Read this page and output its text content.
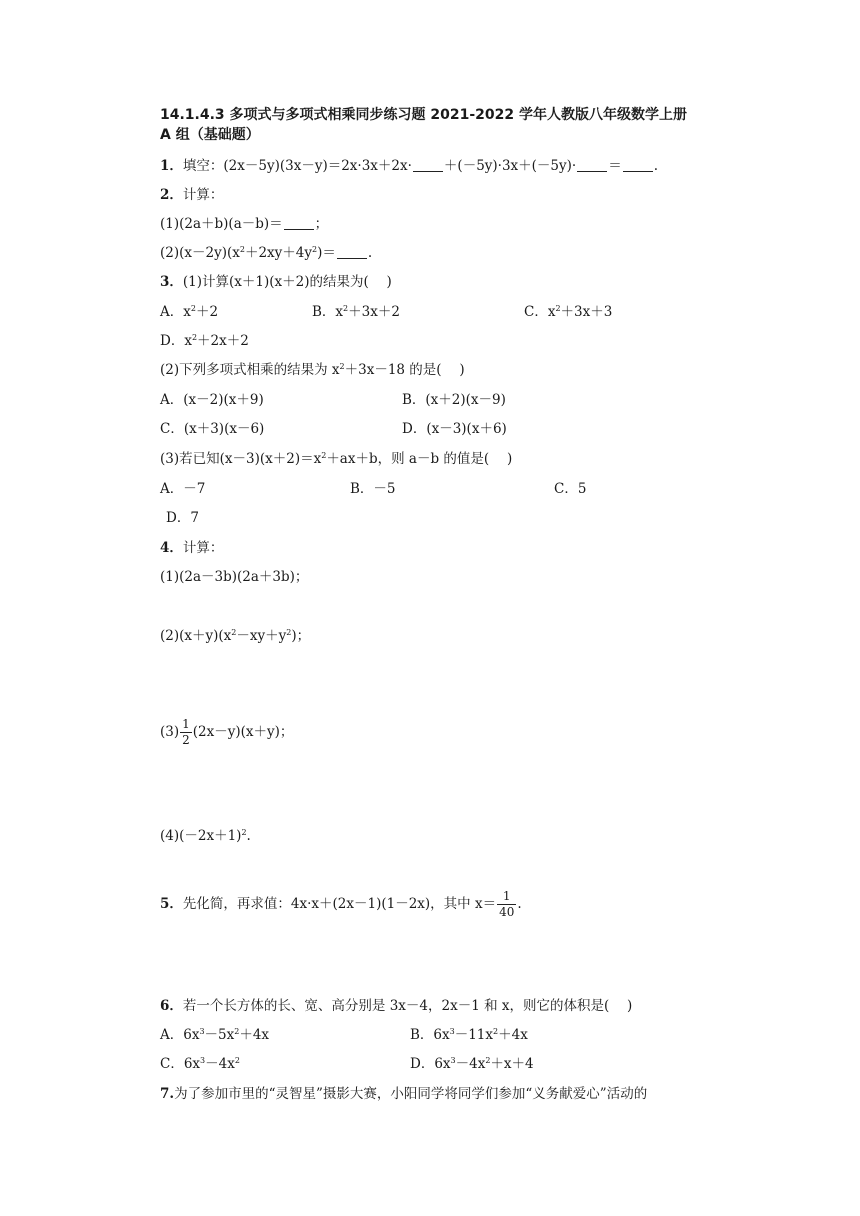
14.1.4.3 多项式与多项式相乘同步练习题 2021-2022 学年人教版八年级数学上册
A 组（基础题）
1．填空：(2x－5y)(3x－y)＝2x·3x＋2x· ＋(－5y)·3x＋(－5y)· ＝ .
2．计算：
(1)(2a＋b)(a－b)＝ ；
$(2)(x-2y)(x^2+2xy+4y^2)=$ .
3．(1)计算(x＋1)(x＋2)的结果为(　 )
A．$x^2+2$	B．$x^2+3x+2$	C．$x^2+3x+3$
D．$x^2+2x+2$
(2)下列多项式相乘的结果为 $x^2+3x-18$ 的是(　 )
A．(x－2)(x＋9)	B．(x＋2)(x－9)
C．(x＋3)(x－6)	D．(x－3)(x＋6)
(3)若已知$(x-3)(x+2)=x^2+ax+b$，则 a－b 的值是(　 )
A．－7	B．－5	C．5
D．7
4．计算：
(1)(2a－3b)(2a＋3b)；
$(2)(x+y)(x^2-xy+y^2)$；
$(3) \frac{1}{2} (2x-y)(x+y)$；
$(4)(-2x+1)^2$.
5．先化简，再求值：4x·x＋(2x－1)(1－2x)，其中 $x= \frac{1}{40}$ .
6．若一个长方体的长、宽、高分别是 3x－4，2x－1 和 x，则它的体积是(　 )
A．$6x^3-5x^2+4x$	B．$6x^3-11x^2+4x$
C．$6x^3-4x^2$	D．$6x^3-4x^2+x+4$
7.为了参加市里的“灵智星”摄影大赛，小阳同学将同学们参加“义务献爱心”活动的
